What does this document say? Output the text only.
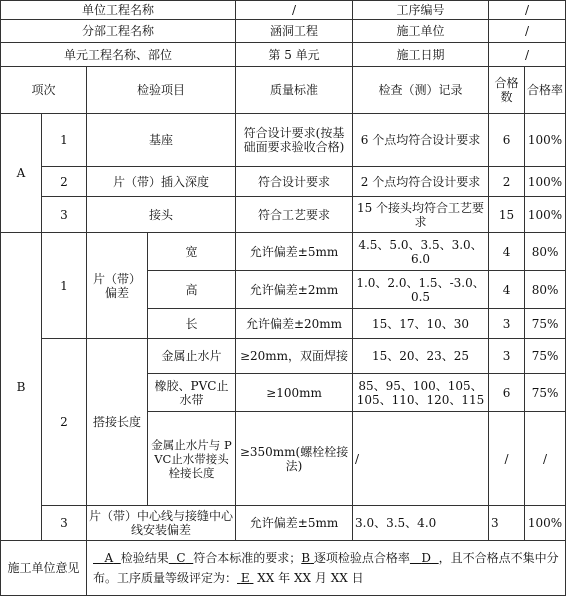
单位工程名称				/	工序编号	/	
分部工程名称				涵洞工程	施工单位	/	
单元工程名称、部位				第 5 单元	施工日期	/	
项次		检验项目		质量标准	检查（测）记录	合格数	合格率
A	1	基座		符合设计要求(按基础面要求验收合格)	6 个点均符合设计要求	6	100%
	2	片（带）插入深度		符合设计要求	2 个点均符合设计要求	2	100%
	3	接头		符合工艺要求	15 个接头均符合工艺要求	15	100%
B	1	片（带）偏差	宽	允许偏差±5mm	4.5、5.0、3.5、3.0、6.0	4	80%
			高	允许偏差±2mm	1.0、2.0、1.5、-3.0、0.5	4	80%
			长	允许偏差±20mm	15、17、10、30	3	75%
	2	搭接长度	金属止水片	≥20mm，双面焊接	15、20、23、25	3	75%
			橡胶、PVC止水带	≥100mm	85、95、100、105、105、110、120、115	6	75%
			金属止水片与 PVC止水带接头栓接长度	≥350mm(螺栓栓接法)	/	/	/
	3	片（带）中心线与接缝中心线安装偏差		允许偏差±5mm	3.0、3.5、4.0	3	100%
施工单位意见		A 检验结果 C 符合本标准的要求；B 逐项检验点合格率 D ，且不合格点不集中分布。工序质量等级评定为： E XX 年 XX 月 XX 日					
